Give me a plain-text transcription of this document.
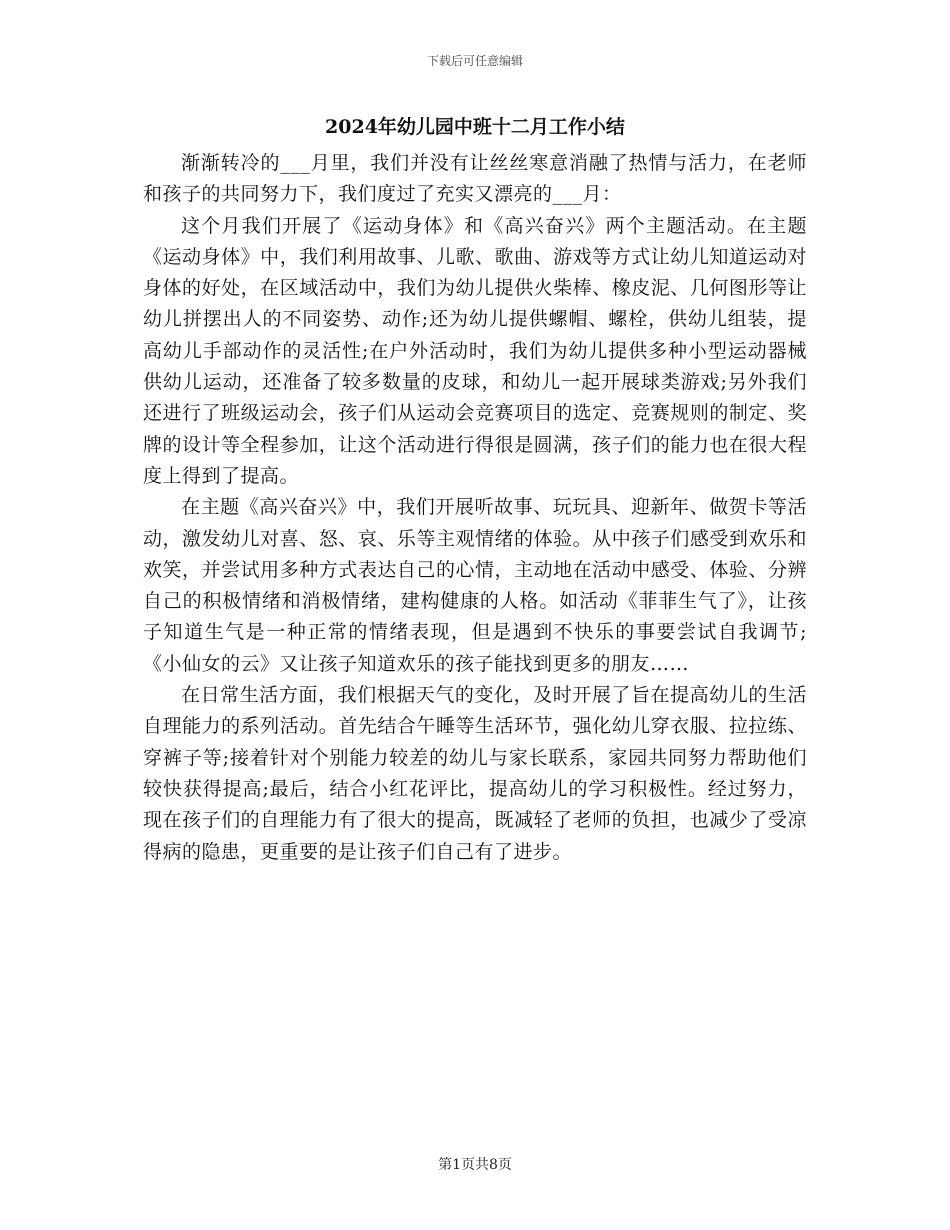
下载后可任意编辑
2024年幼儿园中班十二月工作小结

渐渐转冷的___月里，我们并没有让丝丝寒意消融了热情与活力，在老师和孩子的共同努力下，我们度过了充实又漂亮的___月：

这个月我们开展了《运动身体》和《高兴奋兴》两个主题活动。在主题《运动身体》中，我们利用故事、儿歌、歌曲、游戏等方式让幼儿知道运动对身体的好处，在区域活动中，我们为幼儿提供火柴棒、橡皮泥、几何图形等让幼儿拼摆出人的不同姿势、动作;还为幼儿提供螺帽、螺栓，供幼儿组装，提高幼儿手部动作的灵活性;在户外活动时，我们为幼儿提供多种小型运动器械供幼儿运动，还准备了较多数量的皮球，和幼儿一起开展球类游戏;另外我们还进行了班级运动会，孩子们从运动会竞赛项目的选定、竞赛规则的制定、奖牌的设计等全程参加，让这个活动进行得很是圆满，孩子们的能力也在很大程度上得到了提高。

在主题《高兴奋兴》中，我们开展听故事、玩玩具、迎新年、做贺卡等活动，激发幼儿对喜、怒、哀、乐等主观情绪的体验。从中孩子们感受到欢乐和欢笑，并尝试用多种方式表达自己的心情，主动地在活动中感受、体验、分辨自己的积极情绪和消极情绪，建构健康的人格。如活动《菲菲生气了》，让孩子知道生气是一种正常的情绪表现，但是遇到不快乐的事要尝试自我调节;《小仙女的云》又让孩子知道欢乐的孩子能找到更多的朋友……

在日常生活方面，我们根据天气的变化，及时开展了旨在提高幼儿的生活自理能力的系列活动。首先结合午睡等生活环节，强化幼儿穿衣服、拉拉练、穿裤子等;接着针对个别能力较差的幼儿与家长联系，家园共同努力帮助他们较快获得提高;最后，结合小红花评比，提高幼儿的学习积极性。经过努力，现在孩子们的自理能力有了很大的提高，既减轻了老师的负担，也减少了受凉得病的隐患，更重要的是让孩子们自己有了进步。

第1页共8页
